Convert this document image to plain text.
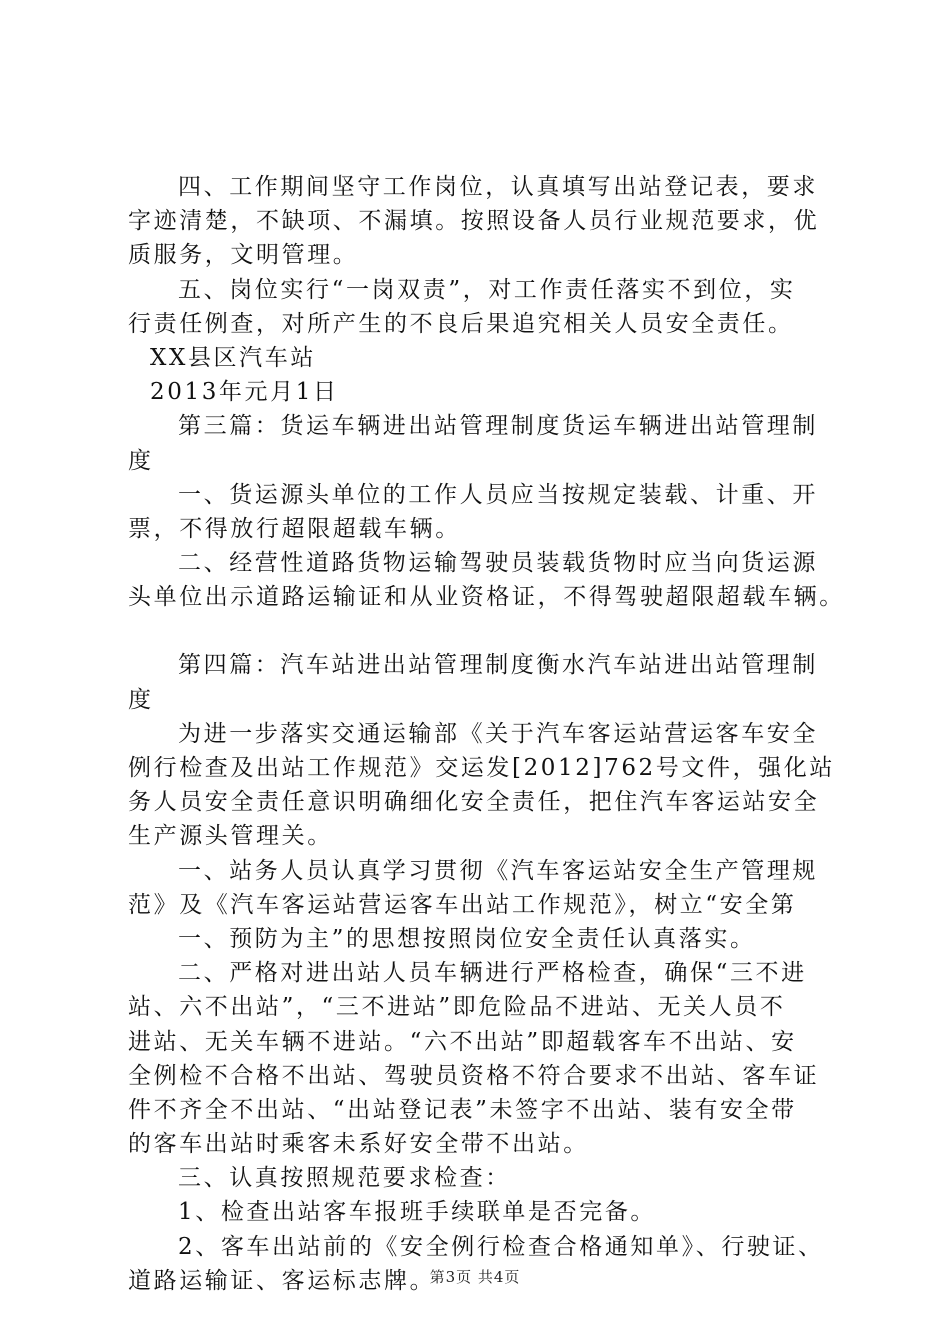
四、工作期间坚守工作岗位，认真填写出站登记表，要求
字迹清楚，不缺项、不漏填。按照设备人员行业规范要求，优
质服务，文明管理。
五、岗位实行“一岗双责”，对工作责任落实不到位，实
行责任例查，对所产生的不良后果追究相关人员安全责任。
XX县区汽车站
2013年元月1日
第三篇：货运车辆进出站管理制度货运车辆进出站管理制
度
一、货运源头单位的工作人员应当按规定装载、计重、开
票，不得放行超限超载车辆。
二、经营性道路货物运输驾驶员装载货物时应当向货运源
头单位出示道路运输证和从业资格证，不得驾驶超限超载车辆。
第四篇：汽车站进出站管理制度衡水汽车站进出站管理制
度
为进一步落实交通运输部《关于汽车客运站营运客车安全
例行检查及出站工作规范》交运发[2012]762号文件，强化站
务人员安全责任意识明确细化安全责任，把住汽车客运站安全
生产源头管理关。
一、站务人员认真学习贯彻《汽车客运站安全生产管理规
范》及《汽车客运站营运客车出站工作规范》，树立“安全第
一、预防为主”的思想按照岗位安全责任认真落实。
二、严格对进出站人员车辆进行严格检查，确保“三不进
站、六不出站”，“三不进站”即危险品不进站、无关人员不
进站、无关车辆不进站。“六不出站”即超载客车不出站、安
全例检不合格不出站、驾驶员资格不符合要求不出站、客车证
件不齐全不出站、“出站登记表”未签字不出站、装有安全带
的客车出站时乘客未系好安全带不出站。
三、认真按照规范要求检查：
1、检查出站客车报班手续联单是否完备。
2、客车出站前的《安全例行检查合格通知单》、行驶证、
道路运输证、客运标志牌。
第3页 共4页
